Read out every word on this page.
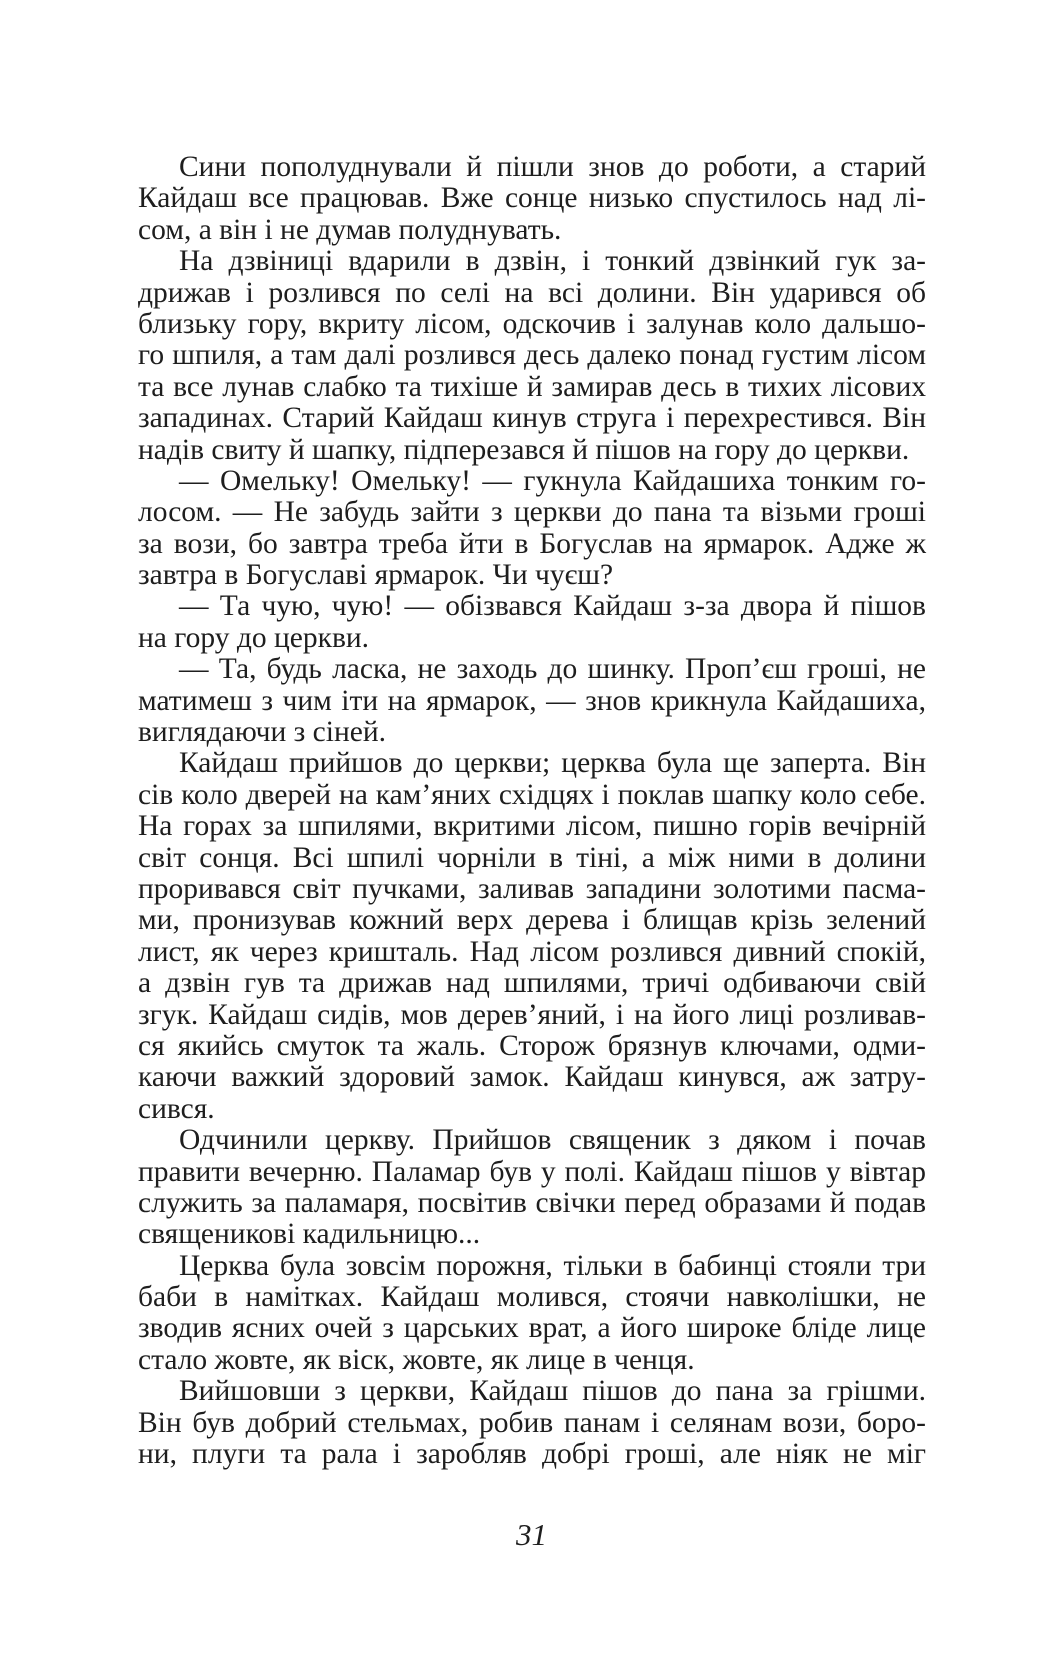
Сини пополуднували й пішли знов до роботи, а старий
Кайдаш все працював. Вже сонце низько спустилось над лі-
сом, а він і не думав полуднувать.
На дзвіниці вдарили в дзвін, і тонкий дзвінкий гук за-
дрижав і розлився по селі на всі долини. Він ударився об
близьку гору, вкриту лісом, одскочив і залунав коло дальшо-
го шпиля, а там далі розлився десь далеко понад густим лісом
та все лунав слабко та тихіше й замирав десь в тихих лісових
западинах. Старий Кайдаш кинув струга і перехрестився. Він
надів свиту й шапку, підперезався й пішов на гору до церкви.
— Омельку! Омельку! — гукнула Кайдашиха тонким го-
лосом. — Не забудь зайти з церкви до пана та візьми гроші
за вози, бо завтра треба йти в Богуслав на ярмарок. Адже ж
завтра в Богуславі ярмарок. Чи чуєш?
— Та чую, чую! — обізвався Кайдаш з-за двора й пішов
на гору до церкви.
— Та, будь ласка, не заходь до шинку. Проп’єш гроші, не
матимеш з чим іти на ярмарок, — знов крикнула Кайдашиха,
виглядаючи з сіней.
Кайдаш прийшов до церкви; церква була ще заперта. Він
сів коло дверей на кам’яних східцях і поклав шапку коло себе.
На горах за шпилями, вкритими лісом, пишно горів вечірній
світ сонця. Всі шпилі чорніли в тіні, а між ними в долини
проривався світ пучками, заливав западини золотими пасма-
ми, пронизував кожний верх дерева і блищав крізь зелений
лист, як через кришталь. Над лісом розлився дивний спокій,
а дзвін гув та дрижав над шпилями, тричі одбиваючи свій
згук. Кайдаш сидів, мов дерев’яний, і на його лиці розливав-
ся якийсь смуток та жаль. Сторож брязнув ключами, одми-
каючи важкий здоровий замок. Кайдаш кинувся, аж затру-
сився.
Одчинили церкву. Прийшов священик з дяком і почав
правити вечерню. Паламар був у полі. Кайдаш пішов у вівтар
служить за паламаря, посвітив свічки перед образами й подав
священикові кадильницю...
Церква була зовсім порожня, тільки в бабинці стояли три
баби в намітках. Кайдаш молився, стоячи навколішки, не
зводив ясних очей з царських врат, а його широке бліде лице
стало жовте, як віск, жовте, як лице в ченця.
Вийшовши з церкви, Кайдаш пішов до пана за грішми.
Він був добрий стельмах, робив панам і селянам вози, боро-
ни, плуги та рала і заробляв добрі гроші, але ніяк не міг
31
